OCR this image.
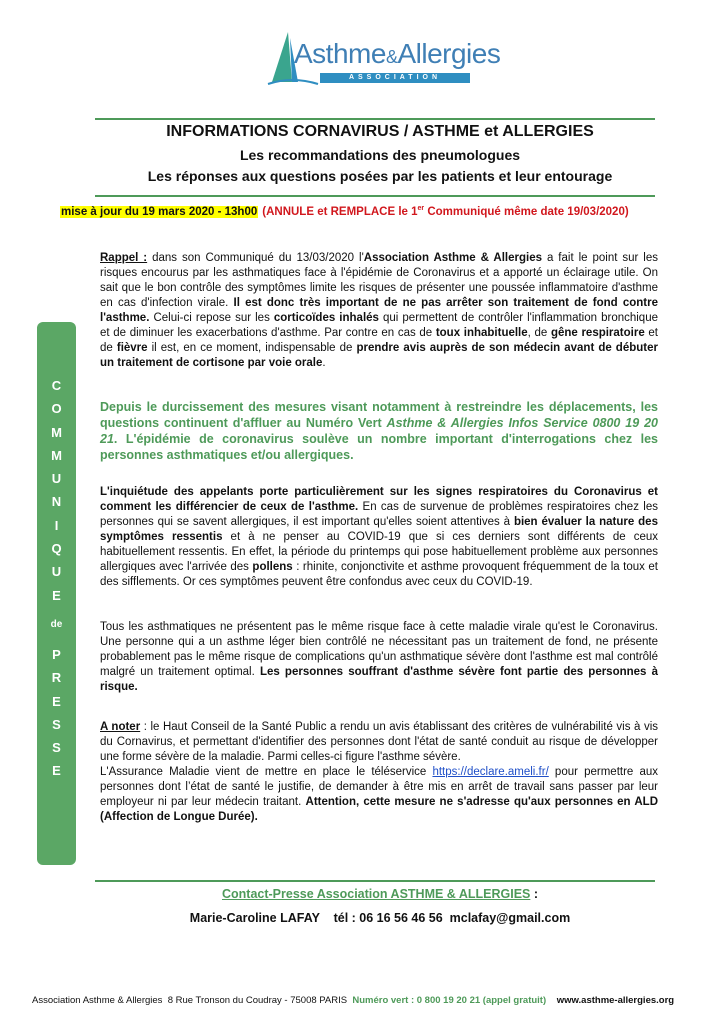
Asthme&Allergies
ASSOCIATION
INFORMATIONS CORNAVIRUS / ASTHME et ALLERGIES
Les recommandations des pneumologues
Les réponses aux questions posées par les patients et leur entourage
mise à jour du 19 mars 2020 - 13h00 (ANNULE et REMPLACE le 1er Communiqué même date 19/03/2020)
C
O
M
M
U
N
I
Q
U
E
de
P
R
E
S
S
E
Rappel : dans son Communiqué du 13/03/2020 l'Association Asthme & Allergies a fait le point sur les risques encourus par les asthmatiques face à l'épidémie de Coronavirus et a apporté un éclairage utile. On sait que le bon contrôle des symptômes limite les risques de présenter une poussée inflammatoire d'asthme en cas d'infection virale. Il est donc très important de ne pas arrêter son traitement de fond contre l'asthme. Celui-ci repose sur les corticoïdes inhalés qui permettent de contrôler l'inflammation bronchique et de diminuer les exacerbations d'asthme. Par contre en cas de toux inhabituelle, de gêne respiratoire et de fièvre il est, en ce moment, indispensable de prendre avis auprès de son médecin avant de débuter un traitement de cortisone par voie orale.
Depuis le durcissement des mesures visant notamment à restreindre les déplacements, les questions continuent d'affluer au Numéro Vert Asthme & Allergies Infos Service 0800 19 20 21. L'épidémie de coronavirus soulève un nombre important d'interrogations chez les personnes asthmatiques et/ou allergiques.
L'inquiétude des appelants porte particulièrement sur les signes respiratoires du Coronavirus et comment les différencier de ceux de l'asthme. En cas de survenue de problèmes respiratoires chez les personnes qui se savent allergiques, il est important qu'elles soient attentives à bien évaluer la nature des symptômes ressentis et à ne penser au COVID-19 que si ces derniers sont différents de ceux habituellement ressentis. En effet, la période du printemps qui pose habituellement problème aux personnes allergiques avec l'arrivée des pollens : rhinite, conjonctivite et asthme provoquent fréquemment de la toux et des sifflements. Or ces symptômes peuvent être confondus avec ceux du COVID-19.
Tous les asthmatiques ne présentent pas le même risque face à cette maladie virale qu'est le Coronavirus. Une personne qui a un asthme léger bien contrôlé ne nécessitant pas un traitement de fond, ne présente probablement pas le même risque de complications qu'un asthmatique sévère dont l'asthme est mal contrôlé malgré un traitement optimal. Les personnes souffrant d'asthme sévère font partie des personnes à risque.
A noter : le Haut Conseil de la Santé Public a rendu un avis établissant des critères de vulnérabilité vis à vis du Cornavirus, et permettant d'identifier des personnes dont l'état de santé conduit au risque de développer une forme sévère de la maladie. Parmi celles-ci figure l'asthme sévère.
L'Assurance Maladie vient de mettre en place le téléservice https://declare.ameli.fr/ pour permettre aux personnes dont l’état de santé le justifie, de demander à être mis en arrêt de travail sans passer par leur employeur ni par leur médecin traitant. Attention, cette mesure ne s'adresse qu'aux personnes en ALD (Affection de Longue Durée).
Contact-Presse Association ASTHME & ALLERGIES :
Marie-Caroline LAFAY    tél : 06 16 56 46 56  mclafay@gmail.com
Association Asthme & Allergies  8 Rue Tronson du Coudray - 75008 PARIS  Numéro vert : 0 800 19 20 21 (appel gratuit) www.asthme-allergies.org
